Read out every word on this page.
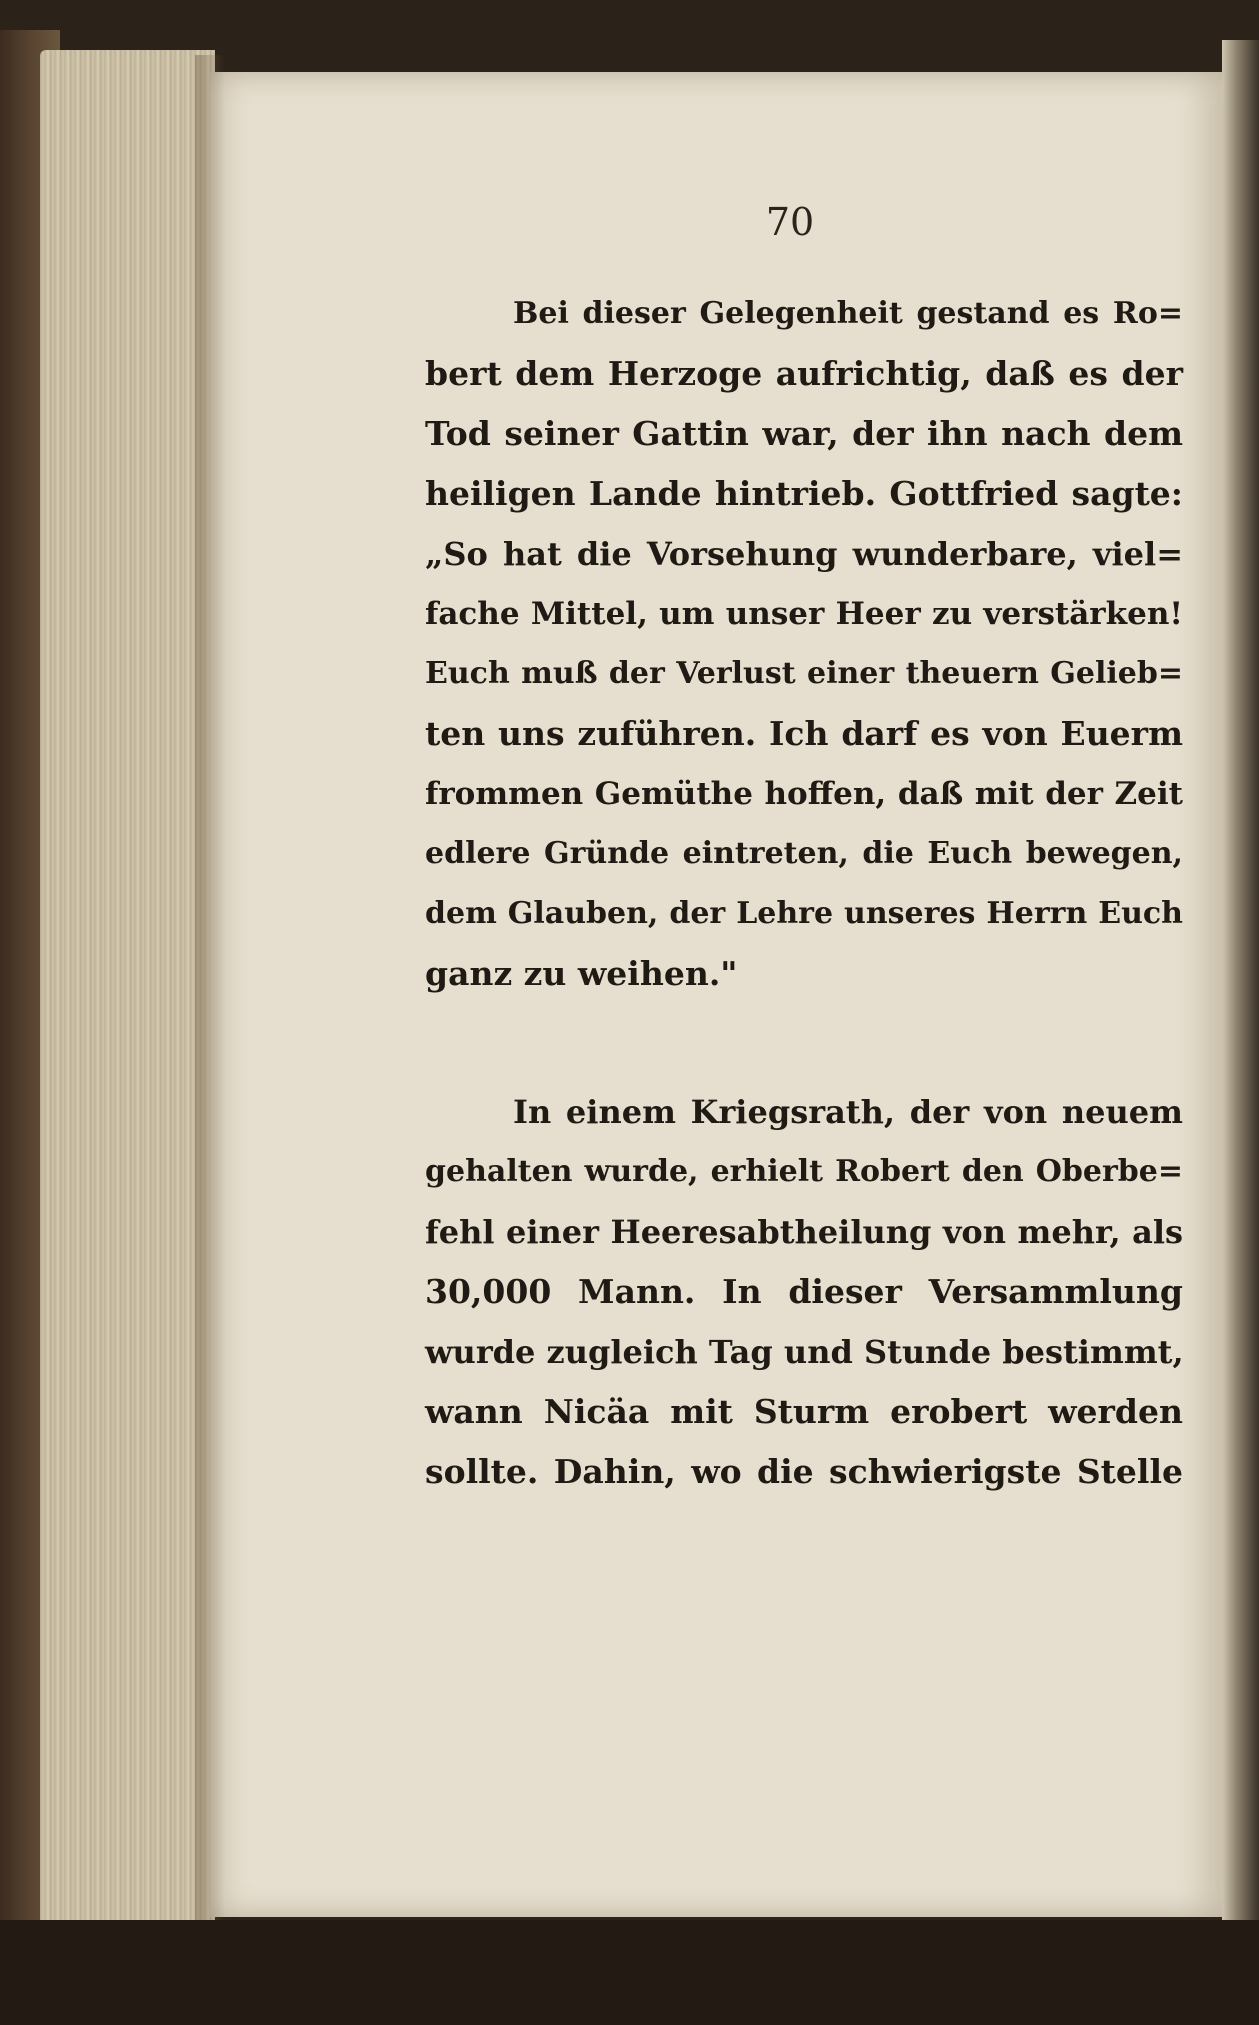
70
Bei dieser Gelegenheit gestand es Ro=
bert dem Herzoge aufrichtig, daß es der
Tod seiner Gattin war, der ihn nach dem
heiligen Lande hintrieb. Gottfried sagte:
„So hat die Vorsehung wunderbare, viel=
fache Mittel, um unser Heer zu verstärken!
Euch muß der Verlust einer theuern Gelieb=
ten uns zuführen. Ich darf es von Euerm
frommen Gemüthe hoffen, daß mit der Zeit
edlere Gründe eintreten, die Euch bewegen,
dem Glauben, der Lehre unseres Herrn Euch
ganz zu weihen."
In einem Kriegsrath, der von neuem
gehalten wurde, erhielt Robert den Oberbe=
fehl einer Heeresabtheilung von mehr, als
30,000 Mann. In dieser Versammlung
wurde zugleich Tag und Stunde bestimmt,
wann Nicäa mit Sturm erobert werden
sollte. Dahin, wo die schwierigste Stelle
